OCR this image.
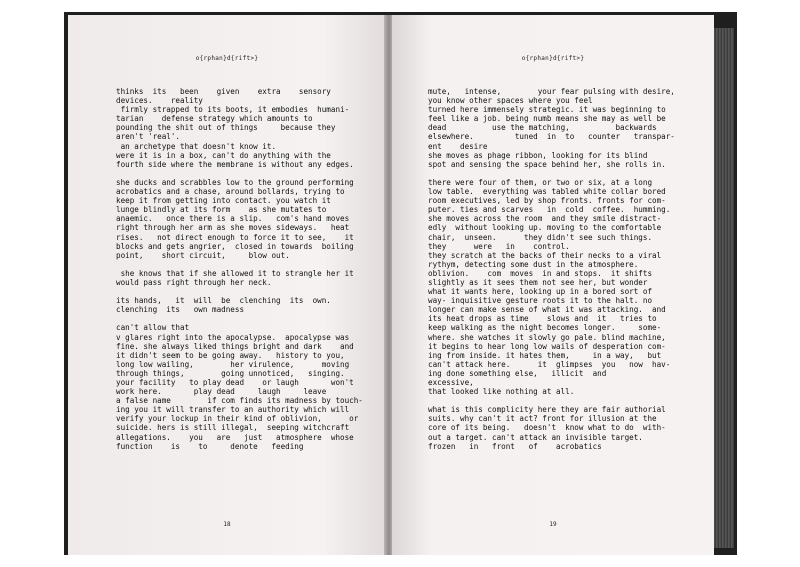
o{rphan}d{rift>}
thinks  its   been    given    extra    sensory
devices.    reality
firmly strapped to its boots, it embodies  humani-
tarian    defense strategy which amounts to
pounding the shit out of things     because they
aren't 'real'.
an archetype that doesn't know it.
were it is in a box, can't do anything with the
fourth side where the membrane is without any edges.
she ducks and scrabbles low to the ground performing
acrobatics and a chase, around bollards, trying to
keep it from getting into contact. you watch it
lunge blindly at its form    as she mutates to
anaemic.   once there is a slip.   com's hand moves
right through her arm as she moves sideways.   heat
rises.   not direct enough to force it to see,    it
blocks and gets angrier,  closed in towards  boiling
point,    short circuit,     blow out.
she knows that if she allowed it to strangle her it
would pass right through her neck.
its hands,   it  will  be  clenching  its  own.
clenching  its   own madness
can't allow that
v glares right into the apocalypse.  apocalypse was
fine. she always liked things bright and dark    and
it didn't seem to be going away.   history to you,
long low wailing,        her virulence,      moving
through things,        going unnoticed,   singing.
your facility   to play dead    or laugh       won't
work here.       play dead     laugh     leave
a false name        if com finds its madness by touch-
ing you it will transfer to an authority which will
verify your lockup in their kind of oblivion,      or
suicide. hers is still illegal,  seeping witchcraft
allegations.    you   are   just   atmosphere  whose
function    is    to     denote   feeding
18
o{rphan}d{rift>}
mute,   intense,        your fear pulsing with desire,
you know other spaces where you feel
turned here immensely strategic. it was beginning to
feel like a job. being numb means she may as well be
dead          use the matching,          backwards
elsewhere.         tuned  in  to   counter   transpar-
ent    desire
she moves as phage ribbon, looking for its blind
spot and sensing the space behind her, she rolls in.
there were four of them, or two or six, at a long
low table.  everything was tabled white collar bored
room executives, led by shop fronts. fronts for com-
puter. ties and scarves   in  cold  coffee.  humming.
she moves across the room  and they smile distract-
edly  without looking up. moving to the comfortable
chair,  unseen.      they didn't see such things.
they      were   in    control.
they scratch at the backs of their necks to a viral
rythym, detecting some dust in the atmosphere.
oblivion.    com  moves  in and stops.  it shifts
slightly as it sees them not see her, but wonder
what it wants here, looking up in a bored sort of
way- inquisitive gesture roots it to the halt. no
longer can make sense of what it was attacking.  and
its heat drops as time    slows and  it   tries to
keep walking as the night becomes longer.     some-
where. she watches it slowly go pale. blind machine,
it begins to hear long low wails of desperation com-
ing from inside. it hates them,     in a way,   but
can't attack here.      it  glimpses  you   now  hav-
ing done something else,   illicit  and
excessive,
that looked like nothing at all.
what is this complicity here they are fair authorial
suits. why can't it act? front for illusion at the
core of its being.   doesn't  know what to do  with-
out a target. can't attack an invisible target.
frozen   in   front   of    acrobatics
19
